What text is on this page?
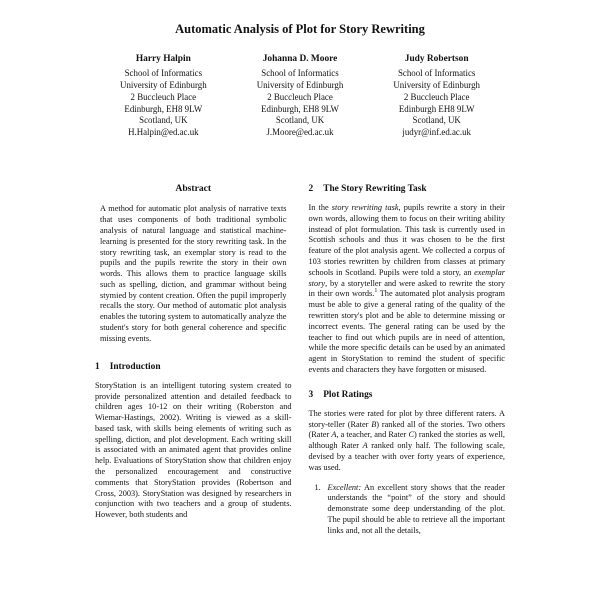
Automatic Analysis of Plot for Story Rewriting
Harry Halpin
School of Informatics
University of Edinburgh
2 Buccleuch Place
Edinburgh, EH8 9LW
Scotland, UK
H.Halpin@ed.ac.uk
Johanna D. Moore
School of Informatics
University of Edinburgh
2 Buccleuch Place
Edinburgh, EH8 9LW
Scotland, UK
J.Moore@ed.ac.uk
Judy Robertson
School of Informatics
University of Edinburgh
2 Buccleuch Place
Edinburgh EH8 9LW
Scotland, UK
judyr@inf.ed.ac.uk
Abstract

A method for automatic plot analysis of narrative texts that uses components of both traditional symbolic analysis of natural language and statistical machine-learning is presented for the story rewriting task. In the story rewriting task, an exemplar story is read to the pupils and the pupils rewrite the story in their own words. This allows them to practice language skills such as spelling, diction, and grammar without being stymied by content creation. Often the pupil improperly recalls the story. Our method of automatic plot analysis enables the tutoring system to automatically analyze the student's story for both general coherence and specific missing events.

1 Introduction

StoryStation is an intelligent tutoring system created to provide personalized attention and detailed feedback to children ages 10-12 on their writing (Roberston and Wiemar-Hastings, 2002). Writing is viewed as a skill-based task, with skills being elements of writing such as spelling, diction, and plot development. Each writing skill is associated with an animated agent that provides online help. Evaluations of StoryStation show that children enjoy the personalized encouragement and constructive comments that StoryStation provides (Robertson and Cross, 2003). StoryStation was designed by researchers in conjunction with two teachers and a group of students. However, both students and

2 The Story Rewriting Task

In the story rewriting task, pupils rewrite a story in their own words, allowing them to focus on their writing ability instead of plot formulation. This task is currently used in Scottish schools and thus it was chosen to be the first feature of the plot analysis agent. We collected a corpus of 103 stories rewritten by children from classes at primary schools in Scotland. Pupils were told a story, an exemplar story, by a storyteller and were asked to rewrite the story in their own words.$^1$ The automated plot analysis program must be able to give a general rating of the quality of the rewritten story's plot and be able to determine missing or incorrect events. The general rating can be used by the teacher to find out which pupils are in need of attention, while the more specific details can be used by an animated agent in StoryStation to remind the student of specific events and characters they have forgotten or misused.

3 Plot Ratings

The stories were rated for plot by three different raters. A story-teller (Rater B) ranked all of the stories. Two others (Rater A, a teacher, and Rater C) ranked the stories as well, although Rater A ranked only half. The following scale, devised by a teacher with over forty years of experience, was used.

1. Excellent: An excellent story shows that the reader understands the “point” of the story and should demonstrate some deep understanding of the plot. The pupil should be able to retrieve all the important links and, not all the details,
